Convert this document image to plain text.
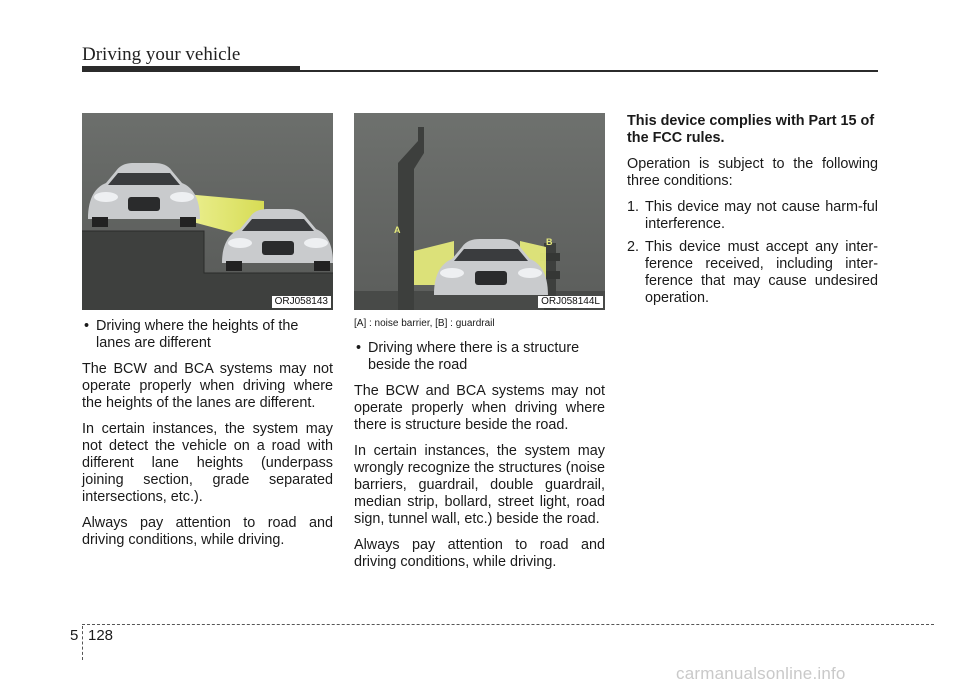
Driving your vehicle
ORJ058143
• Driving where the heights of the lanes are different

The BCW and BCA systems may not operate properly when driving where the heights of the lanes are different.

In certain instances, the system may not detect the vehicle on a road with different lane heights (underpass joining section, grade separated intersections, etc.).

Always pay attention to road and driving conditions, while driving.

A
B
ORJ058144L
[A] : noise barrier, [B] : guardrail
• Driving where there is a structure beside the road

The BCW and BCA systems may not operate properly when driving where there is structure beside the road.

In certain instances, the system may wrongly recognize the structures (noise barriers, guardrail, double guardrail, median strip, bollard, street light, road sign, tunnel wall, etc.) beside the road.

Always pay attention to road and driving conditions, while driving.

This device complies with Part 15 of the FCC rules.

Operation is subject to the following three conditions:

1. This device may not cause harm-ful interference.
2. This device must accept any inter-ference received, including inter-ference that may cause undesired operation.
5 128
carmanualsonline.info
